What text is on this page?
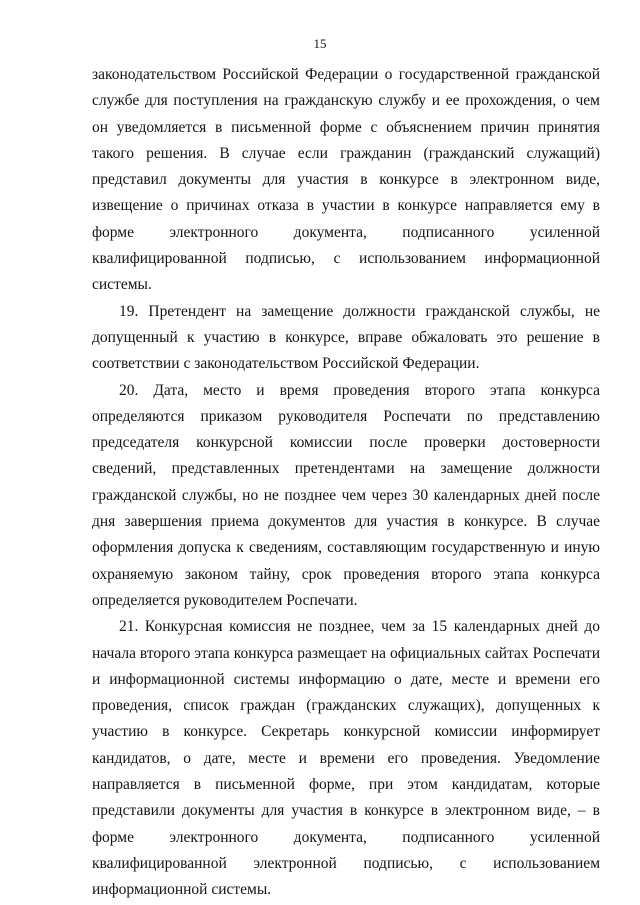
15

законодательством Российской Федерации о государственной гражданской службе для поступления на гражданскую службу и ее прохождения, о чем он уведомляется в письменной форме с объяснением причин принятия такого решения. В случае если гражданин (гражданский служащий) представил документы для участия в конкурсе в электронном виде, извещение о причинах отказа в участии в конкурсе направляется ему в форме электронного документа, подписанного усиленной квалифицированной подписью, с использованием информационной системы.

19. Претендент на замещение должности гражданской службы, не допущенный к участию в конкурсе, вправе обжаловать это решение в соответствии с законодательством Российской Федерации.

20. Дата, место и время проведения второго этапа конкурса определяются приказом руководителя Роспечати по представлению председателя конкурсной комиссии после проверки достоверности сведений, представленных претендентами на замещение должности гражданской службы, но не позднее чем через 30 календарных дней после дня завершения приема документов для участия в конкурсе. В случае оформления допуска к сведениям, составляющим государственную и иную охраняемую законом тайну, срок проведения второго этапа конкурса определяется руководителем Роспечати.

21. Конкурсная комиссия не позднее, чем за 15 календарных дней до начала второго этапа конкурса размещает на официальных сайтах Роспечати и информационной системы информацию о дате, месте и времени его проведения, список граждан (гражданских служащих), допущенных к участию в конкурсе. Секретарь конкурсной комиссии информирует кандидатов, о дате, месте и времени его проведения. Уведомление направляется в письменной форме, при этом кандидатам, которые представили документы для участия в конкурсе в электронном виде, – в форме электронного документа, подписанного усиленной квалифицированной электронной подписью, с использованием информационной системы.
